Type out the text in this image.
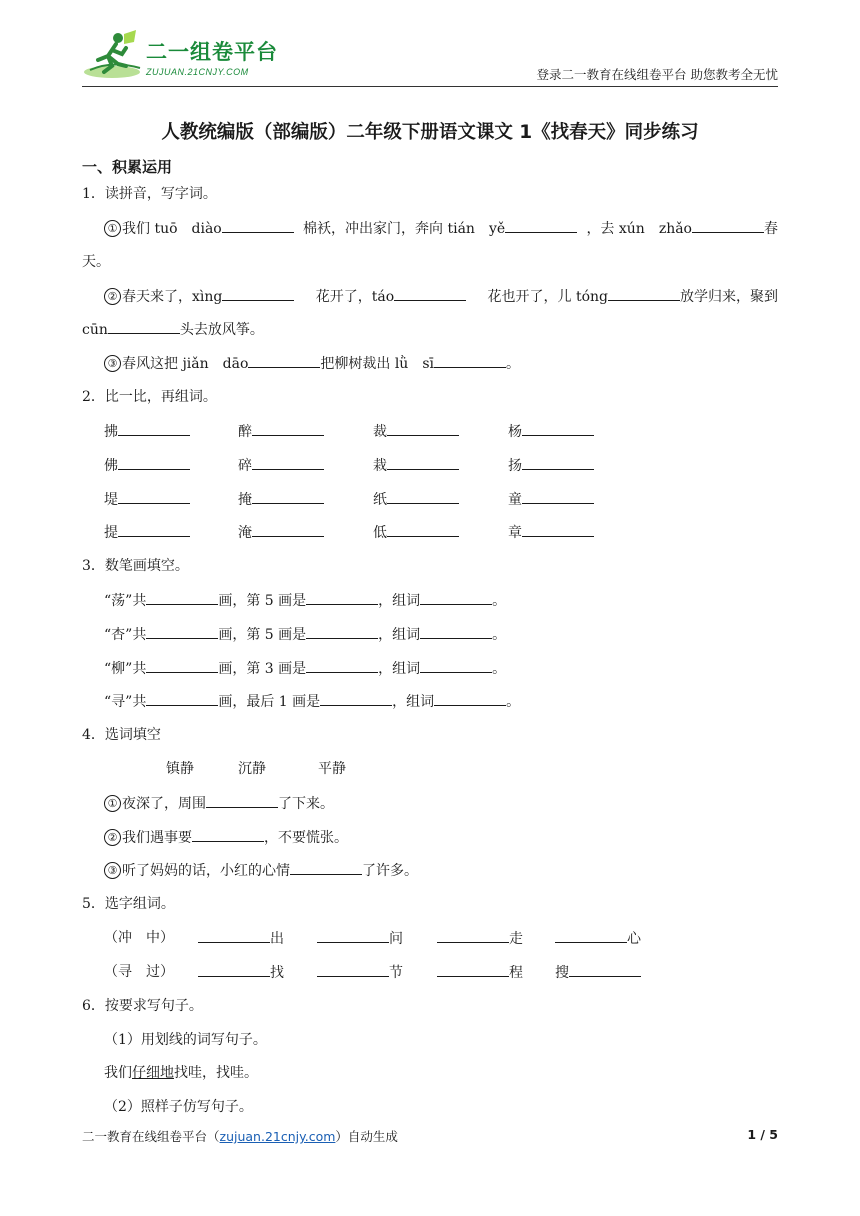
二一组卷平台
ZUJUAN.21CNJY.COM	登录二一教育在线组卷平台 助您教考全无忧
人教统编版（部编版）二年级下册语文课文 1《找春天》同步练习
一、积累运用
1．读拼音，写字词。
① 我们 tuō　diào	棉袄，冲出家门，奔向 tián　yě	，去 xún　zhǎo	春
天。
② 春天来了，xìng	花开了，táo	花也开了，儿 tóng	放学归来，聚到
cūn	头去放风筝。
③ 春风这把 jiǎn　dāo	把柳树裁出 lǜ　sī	。
2．比一比，再组词。
拂	醉	裁	杨
佛	碎	栽	扬
堤	掩	纸	童
提	淹	低	章
3．数笔画填空。
“荡”共	画，第 5 画是	，组词	。
“杏”共	画，第 5 画是	，组词	。
“柳”共	画，第 3 画是	，组词	。
“寻”共	画，最后 1 画是	，组词	。
4．选词填空
镇静	沉静	平静
① 夜深了，周围	了下来。
② 我们遇事要	，不要慌张。
③ 听了妈妈的话，小红的心情	了许多。
5．选字组词。
（冲　中）	出	问	走	心
（寻　过）	找	节	程 搜
6．按要求写句子。
（1）用划线的词写句子。
我们仔细地找哇，找哇。
（2）照样子仿写句子。
二一教育在线组卷平台（zujuan.21cnjy.com）自动生成	1 / 5
